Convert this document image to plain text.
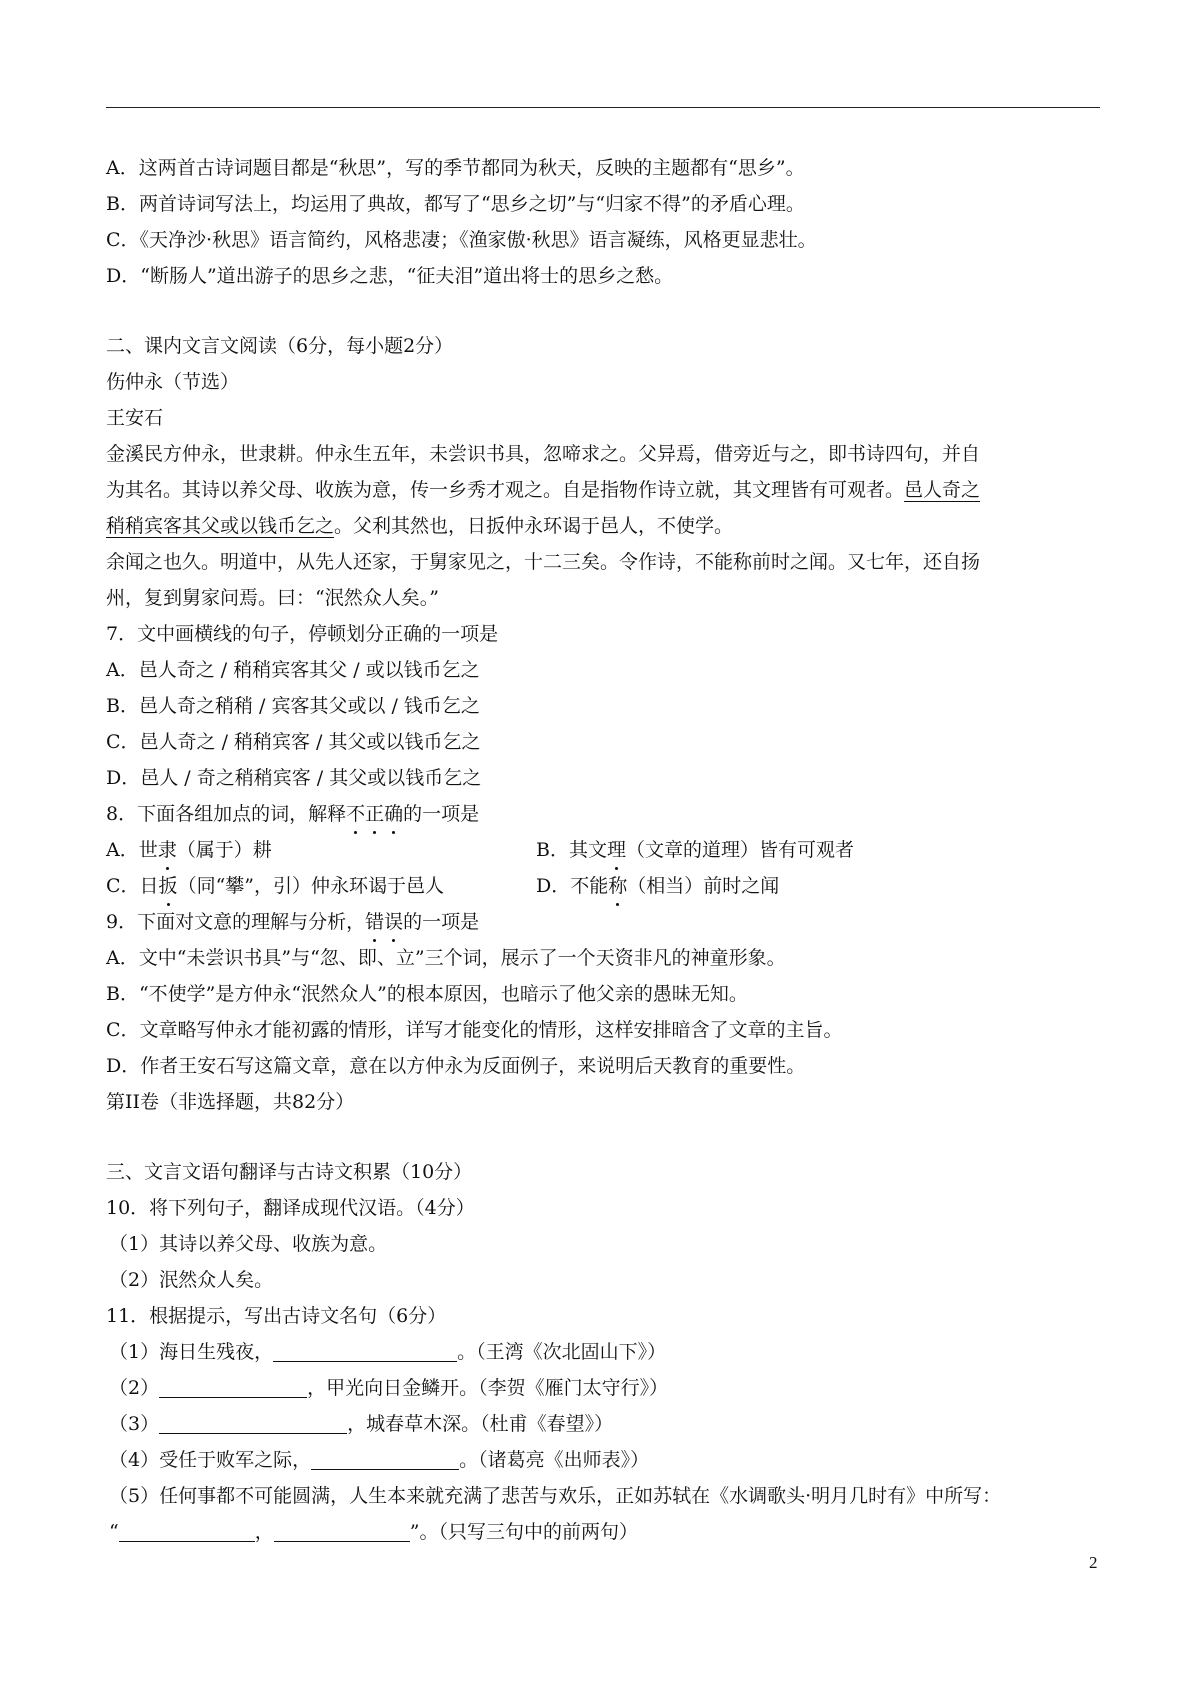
A．这两首古诗词题目都是“秋思”，写的季节都同为秋天，反映的主题都有“思乡”。

B．两首诗词写法上，均运用了典故，都写了“思乡之切”与“归家不得”的矛盾心理。

C．《天净沙·秋思》语言简约，风格悲凄；《渔家傲·秋思》语言凝练，风格更显悲壮。

D．“断肠人”道出游子的思乡之悲，“征夫泪”道出将士的思乡之愁。

二、课内文言文阅读（6分，每小题2分）

伤仲永（节选）

王安石

金溪民方仲永，世隶耕。仲永生五年，未尝识书具，忽啼求之。父异焉，借旁近与之，即书诗四句，并自

为其名。其诗以养父母、收族为意，传一乡秀才观之。自是指物作诗立就，其文理皆有可观者。邑人奇之

稍稍宾客其父或以钱币乞之。父利其然也，日扳仲永环谒于邑人，不使学。

余闻之也久。明道中，从先人还家，于舅家见之，十二三矣。令作诗，不能称前时之闻。又七年，还自扬

州，复到舅家问焉。曰：“泯然众人矣。”

7．文中画横线的句子，停顿划分正确的一项是

A．邑人奇之 / 稍稍宾客其父 / 或以钱币乞之

B．邑人奇之稍稍 / 宾客其父或以 / 钱币乞之

C．邑人奇之 / 稍稍宾客 / 其父或以钱币乞之

D．邑人 / 奇之稍稍宾客 / 其父或以钱币乞之

8．下面各组加点的词，解释不正确的一项是

A．世隶（属于）耕	B．其文理（文章的道理）皆有可观者
C．日扳（同“攀”，引）仲永环谒于邑人	D．不能称（相当）前时之闻

9．下面对文意的理解与分析，错误的一项是

A．文中“未尝识书具”与“忽、即、立”三个词，展示了一个天资非凡的神童形象。

B．“不使学”是方仲永“泯然众人”的根本原因，也暗示了他父亲的愚昧无知。

C．文章略写仲永才能初露的情形，详写才能变化的情形，这样安排暗含了文章的主旨。

D．作者王安石写这篇文章，意在以方仲永为反面例子，来说明后天教育的重要性。

第II卷（非选择题，共82分）

三、文言文语句翻译与古诗文积累（10分）

10．将下列句子，翻译成现代汉语。（4分）

（1）其诗以养父母、收族为意。

（2）泯然众人矣。

11．根据提示，写出古诗文名句（6分）

（1）海日生残夜，	。（王湾《次北固山下》）

（2）	，甲光向日金鳞开。（李贺《雁门太守行》）

（3）	，城春草木深。（杜甫《春望》）

（4）受任于败军之际，	。（诸葛亮《出师表》）

（5）任何事都不可能圆满，人生本来就充满了悲苦与欢乐，正如苏轼在《水调歌头·明月几时有》中所写：

“	，	”。（只写三句中的前两句）

2
